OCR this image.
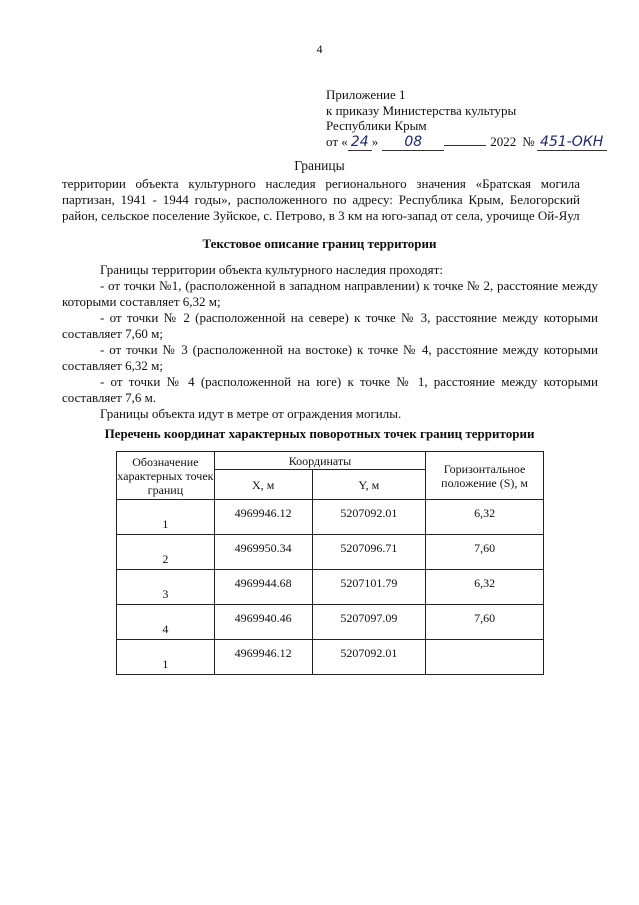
4
Приложение 1
к приказу Министерства культуры
Республики Крым
от « 24 »	08	2022 № 451-ОКН
Границы
территории объекта культурного наследия регионального значения «Братская могила партизан, 1941 - 1944 годы», расположенного по адресу: Республика Крым, Белогорский район, сельское поселение Зуйское, с. Петрово, в 3 км на юго-запад от села, урочище Ой-Яул
Текстовое описание границ территории
Границы территории объекта культурного наследия проходят:
- от точки №1, (расположенной в западном направлении) к точке № 2, расстояние между которыми составляет 6,32 м;
- от точки № 2 (расположенной на севере) к точке № 3, расстояние между которыми составляет 7,60 м;
- от точки № 3 (расположенной на востоке) к точке № 4, расстояние между которыми составляет 6,32 м;
- от точки № 4 (расположенной на юге) к точке № 1, расстояние между которыми составляет 7,6 м.
Границы объекта идут в метре от ограждения могилы.
Перечень координат характерных поворотных точек границ территории
Обозначение характерных точек границ	Координаты		Горизонтальное положение (S), м
	X, м	Y, м	
1	4969946.12	5207092.01	6,32
2	4969950.34	5207096.71	7,60
3	4969944.68	5207101.79	6,32
4	4969940.46	5207097.09	7,60
1	4969946.12	5207092.01	
